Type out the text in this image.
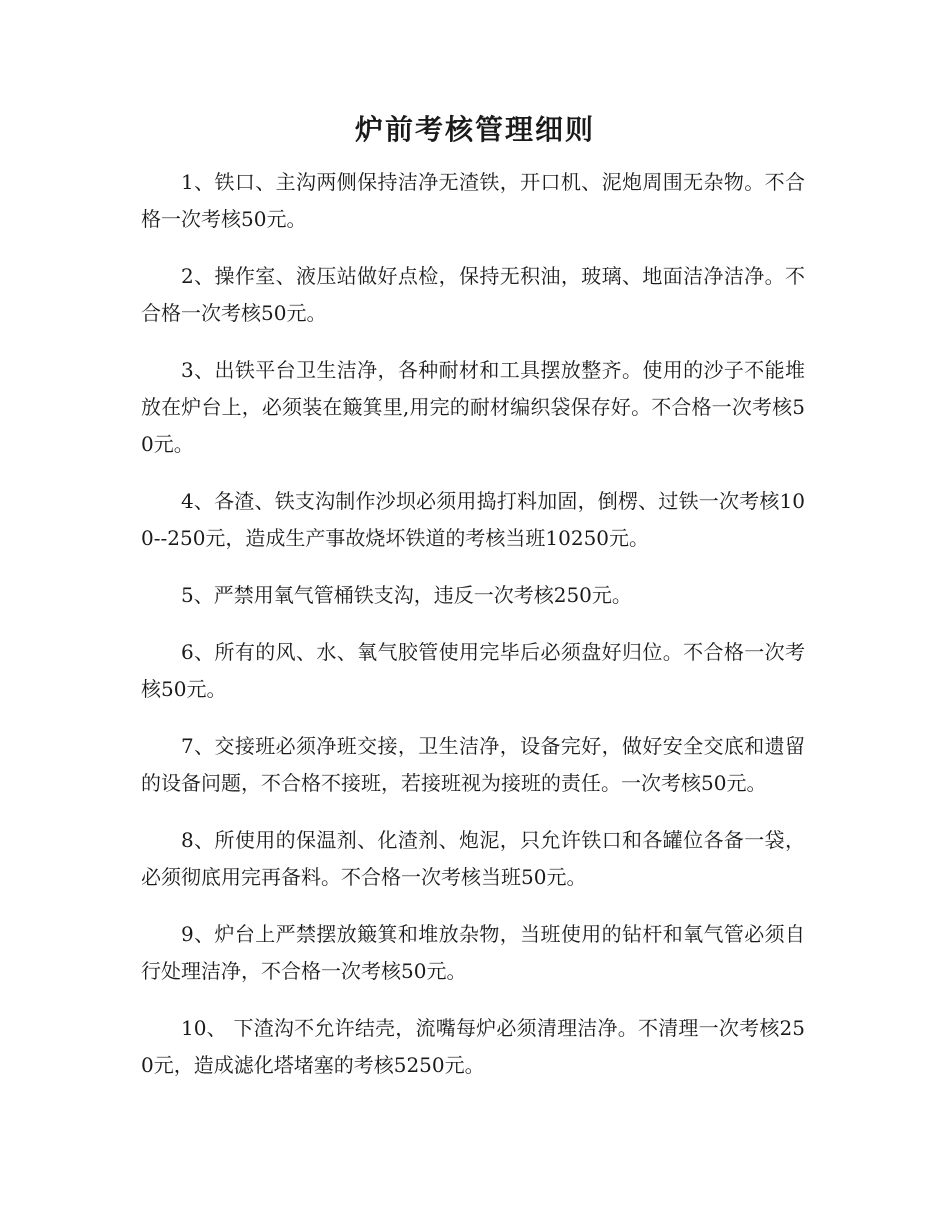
炉前考核管理细则

1、铁口、主沟两侧保持洁净无渣铁，开口机、泥炮周围无杂物。不合格一次考核50元。

2、操作室、液压站做好点检，保持无积油，玻璃、地面洁净洁净。不合格一次考核50元。

3、出铁平台卫生洁净，各种耐材和工具摆放整齐。使用的沙子不能堆放在炉台上，必须装在簸箕里,用完的耐材编织袋保存好。不合格一次考核50元。

4、各渣、铁支沟制作沙坝必须用捣打料加固，倒楞、过铁一次考核100--250元，造成生产事故烧坏铁道的考核当班10250元。

5、严禁用氧气管桶铁支沟，违反一次考核250元。

6、所有的风、水、氧气胶管使用完毕后必须盘好归位。不合格一次考核50元。

7、交接班必须净班交接，卫生洁净，设备完好，做好安全交底和遗留的设备问题，不合格不接班，若接班视为接班的责任。一次考核50元。

8、所使用的保温剂、化渣剂、炮泥，只允许铁口和各罐位各备一袋，必须彻底用完再备料。不合格一次考核当班50元。

9、炉台上严禁摆放簸箕和堆放杂物，当班使用的钻杆和氧气管必须自行处理洁净，不合格一次考核50元。

10、 下渣沟不允许结壳，流嘴每炉必须清理洁净。不清理一次考核250元，造成滤化塔堵塞的考核5250元。
